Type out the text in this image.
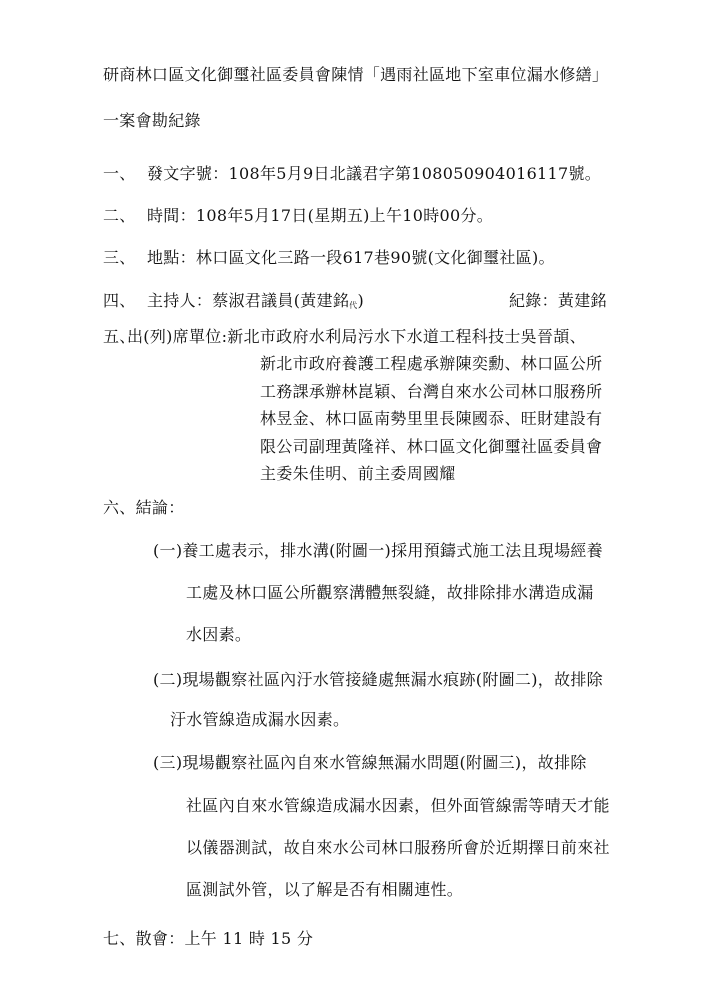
研商林口區文化御璽社區委員會陳情「遇雨社區地下室車位漏水修繕」
一案會勘紀錄
一、 發文字號：108年5月9日北議君字第108050904016117號。
二、 時間：108年5月17日(星期五)上午10時00分。
三、 地點：林口區文化三路一段617巷90號(文化御璽社區)。
四、 主持人：蔡淑君議員(黃建銘代)	紀錄：黃建銘
五、出(列)席單位:新北市政府水利局污水下水道工程科技士吳晉頡、
新北市政府養護工程處承辦陳奕勳、林口區公所
工務課承辦林崑穎、台灣自來水公司林口服務所
林昱金、林口區南勢里里長陳國忝、旺財建設有
限公司副理黃隆祥、林口區文化御璽社區委員會
主委朱佳明、前主委周國耀
六、結論：
(一)養工處表示，排水溝(附圖一)採用預鑄式施工法且現場經養
工處及林口區公所觀察溝體無裂縫，故排除排水溝造成漏
水因素。
(二)現場觀察社區內汙水管接縫處無漏水痕跡(附圖二)，故排除
汙水管線造成漏水因素。
(三)現場觀察社區內自來水管線無漏水問題(附圖三)，故排除
社區內自來水管線造成漏水因素，但外面管線需等晴天才能
以儀器測試，故自來水公司林口服務所會於近期擇日前來社
區測試外管，以了解是否有相關連性。
七、散會：上午 11 時 15 分
